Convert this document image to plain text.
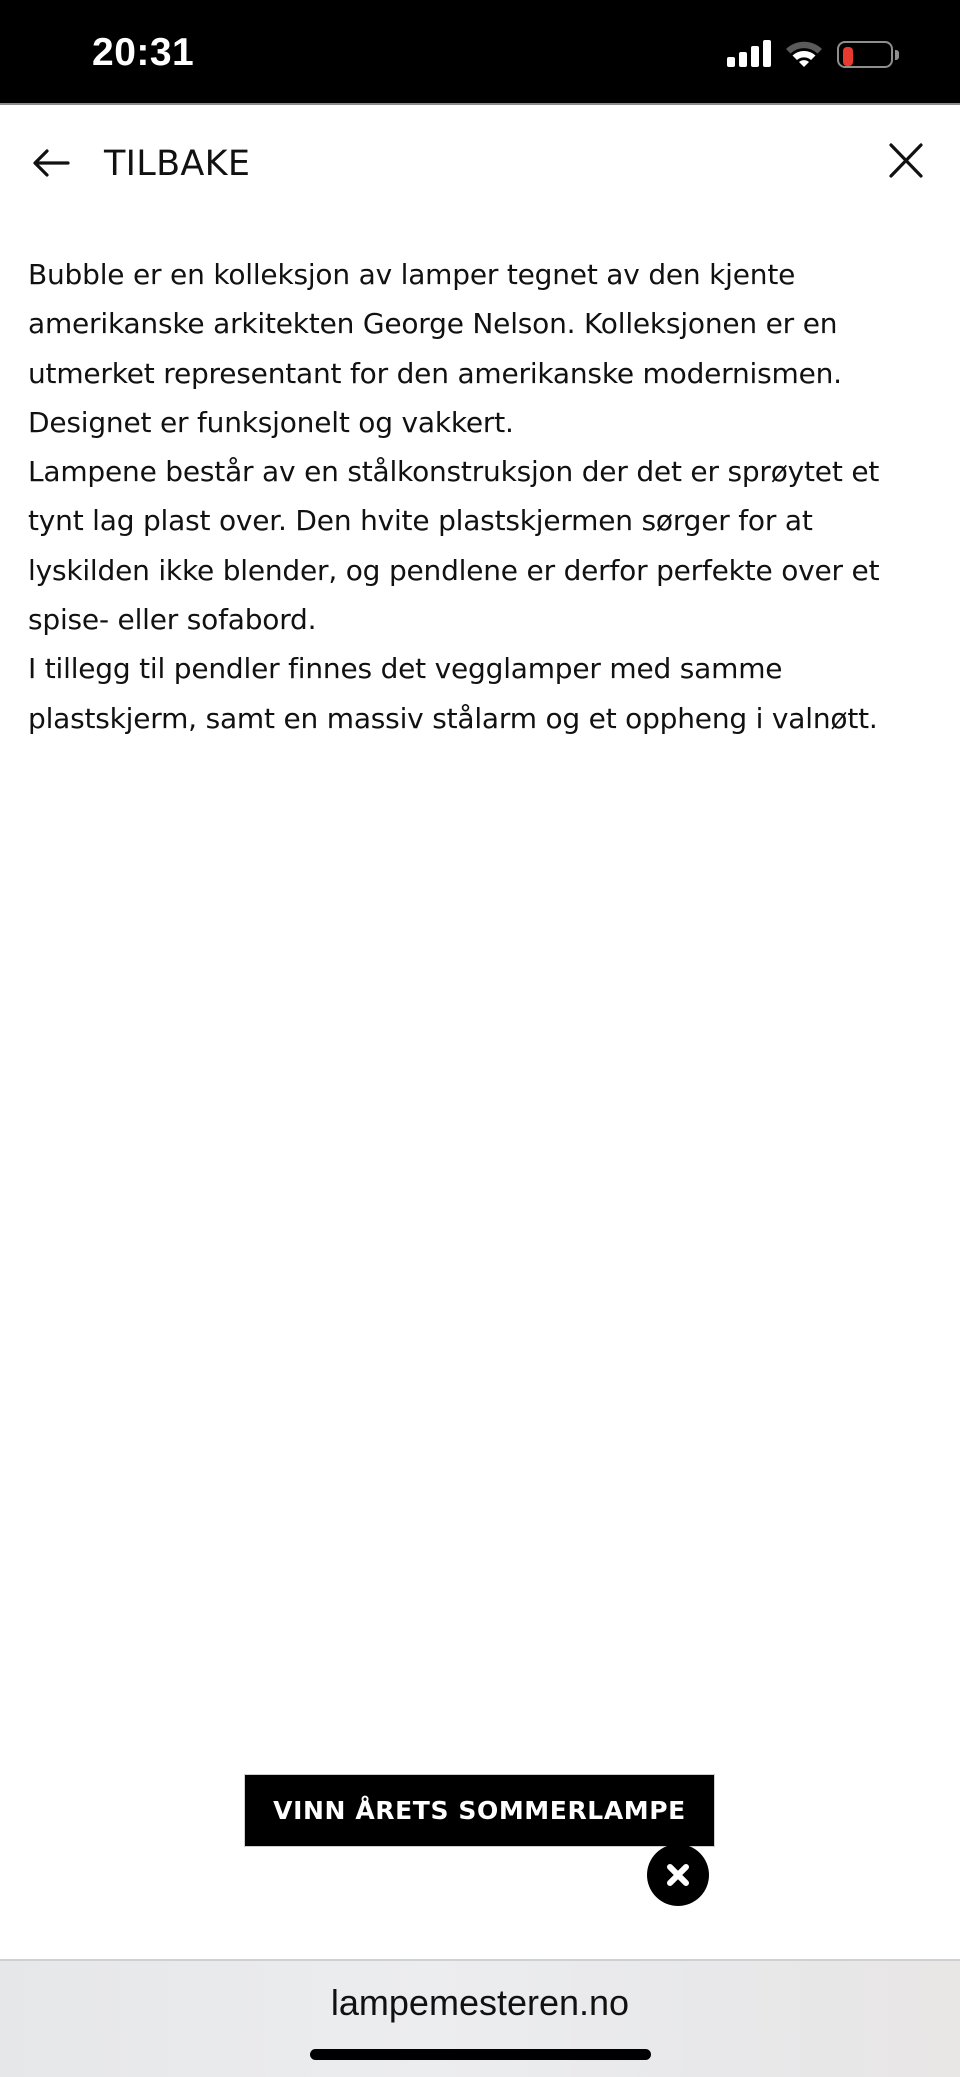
20:31
TILBAKE

Bubble er en kolleksjon av lamper tegnet av den kjente
amerikanske arkitekten George Nelson. Kolleksjonen er en
utmerket representant for den amerikanske modernismen.
Designet er funksjonelt og vakkert.

Lampene består av en stålkonstruksjon der det er sprøytet et
tynt lag plast over. Den hvite plastskjermen sørger for at
lyskilden ikke blender, og pendlene er derfor perfekte over et
spise- eller sofabord.

I tillegg til pendler finnes det vegglamper med samme
plastskjerm, samt en massiv stålarm og et oppheng i valnøtt.

VINN ÅRETS SOMMERLAMPE
lampemesteren.no
